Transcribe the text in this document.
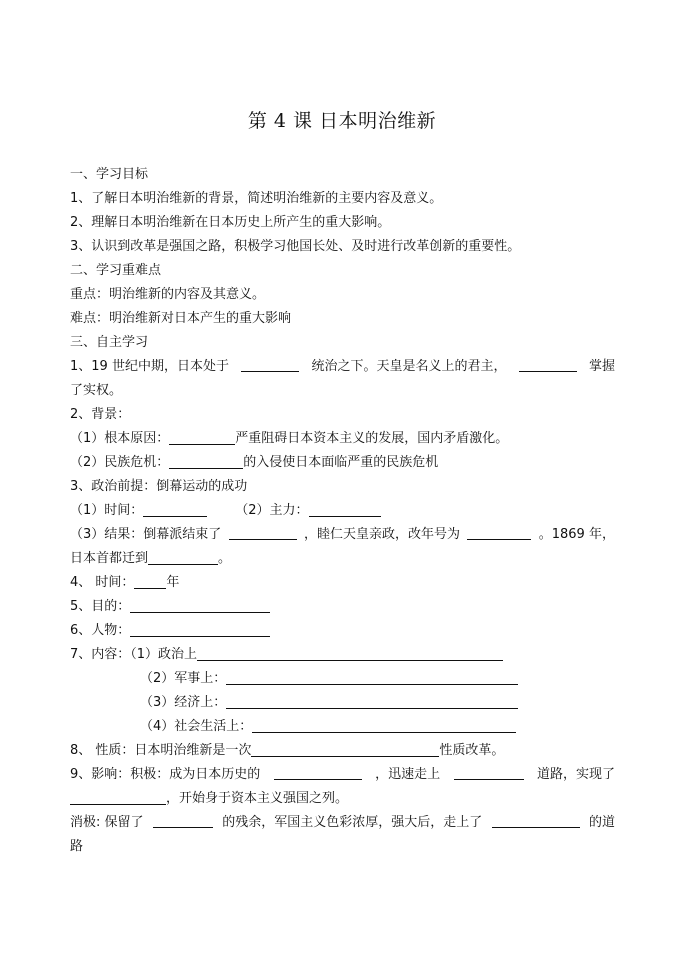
第 4 课 日本明治维新
一、学习目标
1、了解日本明治维新的背景，简述明治维新的主要内容及意义。
2、理解日本明治维新在日本历史上所产生的重大影响。
3、认识到改革是强国之路，积极学习他国长处、及时进行改革创新的重要性。
二、学习重难点
重点：明治维新的内容及其意义。
难点：明治维新对日本产生的重大影响
三、自主学习
1、19 世纪中期，日本处于	统治之下。天皇是名义上的君主，	掌握
了实权。
2、背景：
（1）根本原因：	严重阻碍日本资本主义的发展，国内矛盾激化。
（2）民族危机：	的入侵使日本面临严重的民族危机
3、政治前提：倒幕运动的成功
（1）时间：	（2）主力：
（3）结果：倒幕派结束了	，睦仁天皇亲政，改年号为	。1869 年，
日本首都迁到	。
4、 时间： 年
5、目的：
6、人物：
7、内容：（1）政治上
（2）军事上：
（3）经济上：
（4）社会生活上：
8、 性质：日本明治维新是一次	性质改革。
9、影响：积极：成为日本历史的	，迅速走上	道路，实现了
，开始身于资本主义强国之列。
消极: 保留了	的残余，军国主义色彩浓厚，强大后，走上了	的道
路
